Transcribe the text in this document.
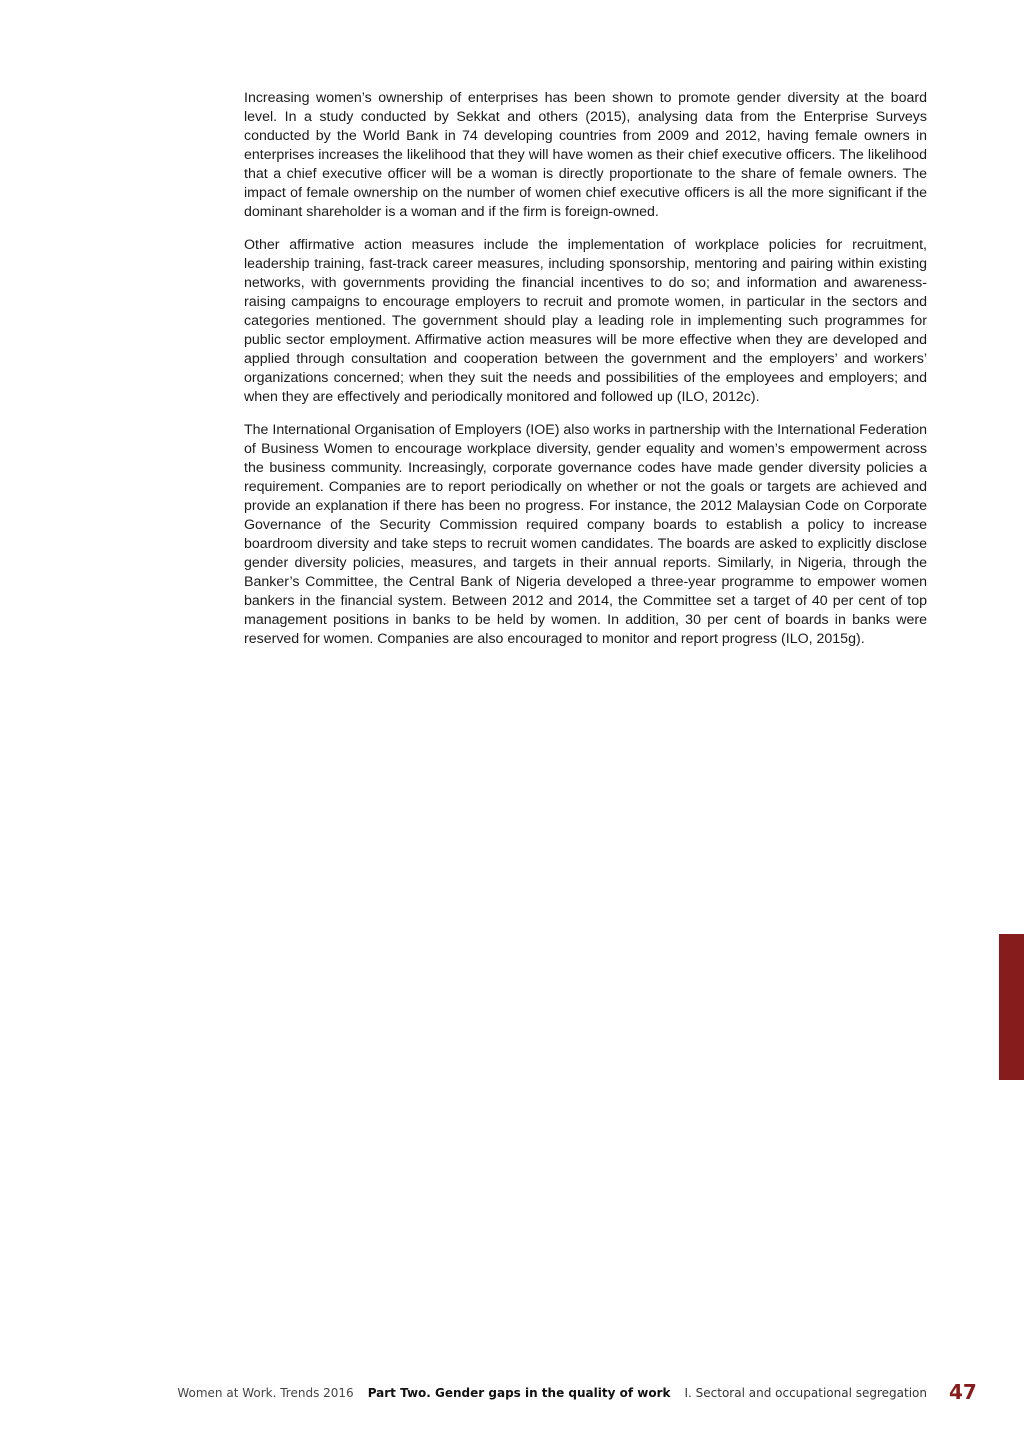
Increasing women’s ownership of enterprises has been shown to promote gender diversity at the board level. In a study conducted by Sekkat and others (2015), analysing data from the Enterprise Surveys conducted by the World Bank in 74 developing countries from 2009 and 2012, having female owners in enterprises increases the likelihood that they will have women as their chief executive officers. The likelihood that a chief executive officer will be a woman is directly proportionate to the share of female owners. The impact of female ownership on the number of women chief executive officers is all the more significant if the dominant shareholder is a woman and if the firm is foreign-owned.

Other affirmative action measures include the implementation of workplace policies for recruitment, leadership training, fast-track career measures, including sponsorship, mentoring and pairing within existing networks, with governments providing the financial incentives to do so; and information and awareness-raising campaigns to encourage employers to recruit and promote women, in particular in the sectors and categories mentioned. The government should play a leading role in implementing such programmes for public sector employment. Affirmative action measures will be more effective when they are developed and applied through consultation and cooperation between the government and the employers’ and workers’ organizations concerned; when they suit the needs and possibilities of the employees and employers; and when they are effectively and periodically monitored and followed up (ILO, 2012c).

The International Organisation of Employers (IOE) also works in partnership with the International Federation of Business Women to encourage workplace diversity, gender equality and women’s empowerment across the business community. Increasingly, corporate governance codes have made gender diversity policies a requirement. Companies are to report periodically on whether or not the goals or targets are achieved and provide an explanation if there has been no progress. For instance, the 2012 Malaysian Code on Corporate Governance of the Security Commission required company boards to establish a policy to increase boardroom diversity and take steps to recruit women candidates. The boards are asked to explicitly disclose gender diversity policies, measures, and targets in their annual reports. Similarly, in Nigeria, through the Banker’s Committee, the Central Bank of Nigeria developed a three-year programme to empower women bankers in the financial system. Between 2012 and 2014, the Committee set a target of 40 per cent of top management positions in banks to be held by women. In addition, 30 per cent of boards in banks were reserved for women. Companies are also encouraged to monitor and report progress (ILO, 2015g).

Women at Work. Trends 2016 Part Two. Gender gaps in the quality of work I. Sectoral and occupational segregation 47
